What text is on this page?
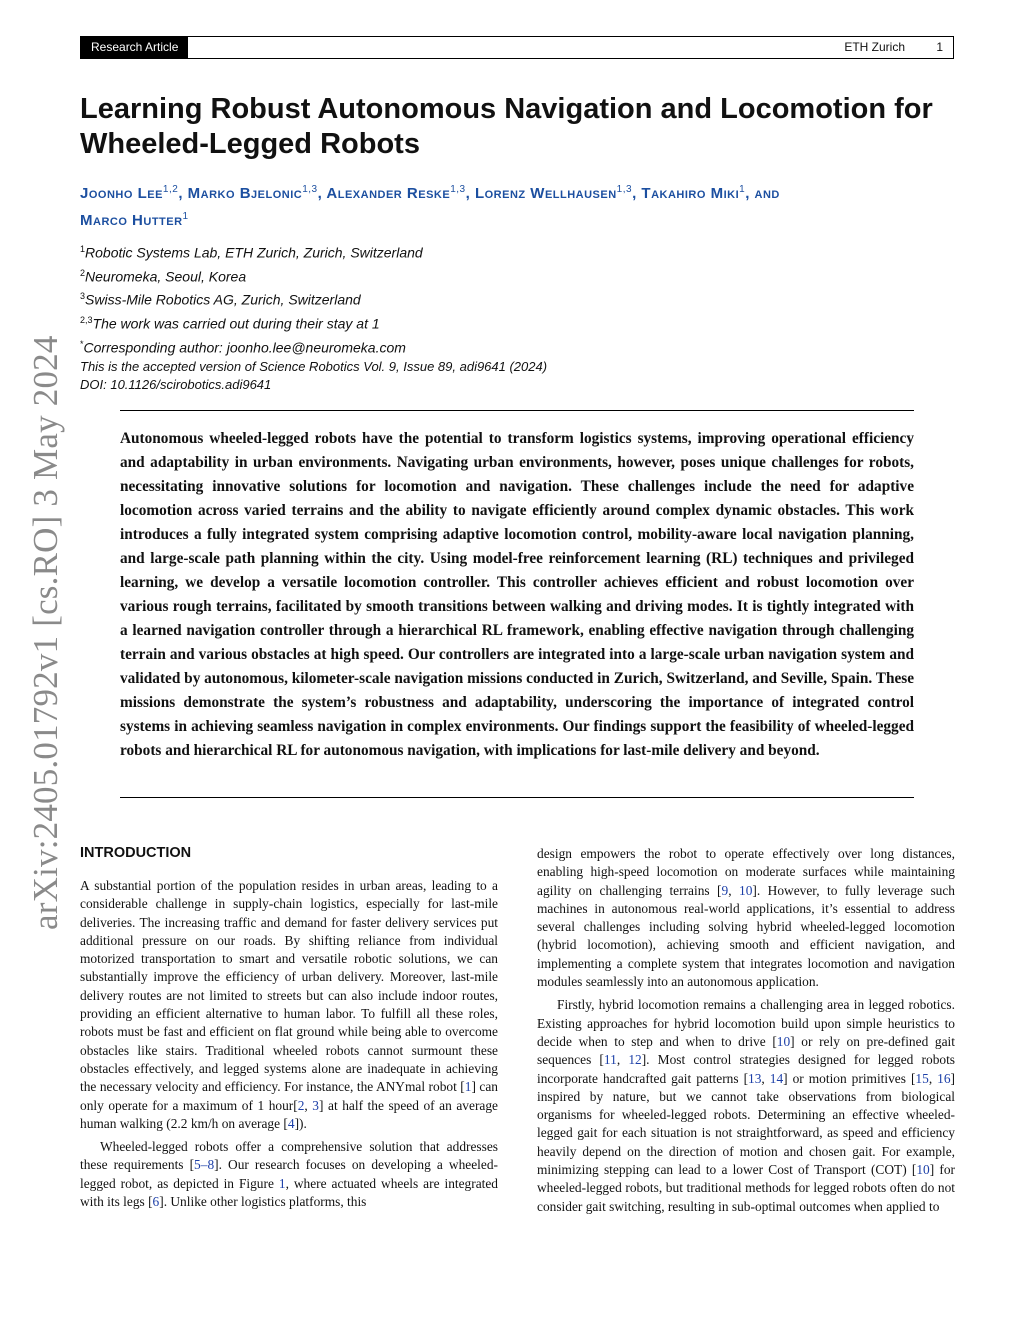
Research Article	ETH Zurich	1
arXiv:2405.01792v1 [cs.RO] 3 May 2024
Learning Robust Autonomous Navigation and Locomotion for Wheeled-Legged Robots
Joonho Lee$^{1,2}$, Marko Bjelonic$^{1,3}$, Alexander Reske$^{1,3}$, Lorenz Wellhausen$^{1,3}$, Takahiro Miki$^1$, and
Marco Hutter$^1$
$^1$Robotic Systems Lab, ETH Zurich, Zurich, Switzerland
$^2$Neuromeka, Seoul, Korea
$^3$Swiss-Mile Robotics AG, Zurich, Switzerland
$^{2,3}$The work was carried out during their stay at 1
*Corresponding author: joonho.lee@neuromeka.com
This is the accepted version of Science Robotics Vol. 9, Issue 89, adi9641 (2024)
DOI: 10.1126/scirobotics.adi9641

Autonomous wheeled-legged robots have the potential to transform logistics systems, improving operational efficiency and adaptability in urban environments. Navigating urban environments, however, poses unique challenges for robots, necessitating innovative solutions for locomotion and navigation. These challenges include the need for adaptive locomotion across varied terrains and the ability to navigate efficiently around complex dynamic obstacles. This work introduces a fully integrated system comprising adaptive locomotion control, mobility-aware local navigation planning, and large-scale path planning within the city. Using model-free reinforcement learning (RL) techniques and privileged learning, we develop a versatile locomotion controller. This controller achieves efficient and robust locomotion over various rough terrains, facilitated by smooth transitions between walking and driving modes. It is tightly integrated with a learned navigation controller through a hierarchical RL framework, enabling effective navigation through challenging terrain and various obstacles at high speed. Our controllers are integrated into a large-scale urban navigation system and validated by autonomous, kilometer-scale navigation missions conducted in Zurich, Switzerland, and Seville, Spain. These missions demonstrate the system’s robustness and adaptability, underscoring the importance of integrated control systems in achieving seamless navigation in complex environments. Our findings support the feasibility of wheeled-legged robots and hierarchical RL for autonomous navigation, with implications for last-mile delivery and beyond.

INTRODUCTION

A substantial portion of the population resides in urban areas, leading to a considerable challenge in supply-chain logistics, especially for last-mile deliveries. The increasing traffic and demand for faster delivery services put additional pressure on our roads. By shifting reliance from individual motorized transportation to smart and versatile robotic solutions, we can substantially improve the efficiency of urban delivery. Moreover, last-mile delivery routes are not limited to streets but can also include indoor routes, providing an efficient alternative to human labor. To fulfill all these roles, robots must be fast and efficient on flat ground while being able to overcome obstacles like stairs. Traditional wheeled robots cannot surmount these obstacles effectively, and legged systems alone are inadequate in achieving the necessary velocity and efficiency. For instance, the ANYmal robot [1] can only operate for a maximum of 1 hour[2, 3] at half the speed of an average human walking (2.2 km/h on average [4]).

Wheeled-legged robots offer a comprehensive solution that addresses these requirements [5–8]. Our research focuses on developing a wheeled-legged robot, as depicted in Figure 1, where actuated wheels are integrated with its legs [6]. Unlike other logistics platforms, this

design empowers the robot to operate effectively over long distances, enabling high-speed locomotion on moderate surfaces while maintaining agility on challenging terrains [9, 10]. However, to fully leverage such machines in autonomous real-world applications, it’s essential to address several challenges including solving hybrid wheeled-legged locomotion (hybrid locomotion), achieving smooth and efficient navigation, and implementing a complete system that integrates locomotion and navigation modules seamlessly into an autonomous application.

Firstly, hybrid locomotion remains a challenging area in legged robotics. Existing approaches for hybrid locomotion build upon simple heuristics to decide when to step and when to drive [10] or rely on pre-defined gait sequences [11, 12]. Most control strategies designed for legged robots incorporate handcrafted gait patterns [13, 14] or motion primitives [15, 16] inspired by nature, but we cannot take observations from biological organisms for wheeled-legged robots. Determining an effective wheeled-legged gait for each situation is not straightforward, as speed and efficiency heavily depend on the direction of motion and chosen gait. For example, minimizing stepping can lead to a lower Cost of Transport (COT) [10] for wheeled-legged robots, but traditional methods for legged robots often do not consider gait switching, resulting in sub-optimal outcomes when applied to
